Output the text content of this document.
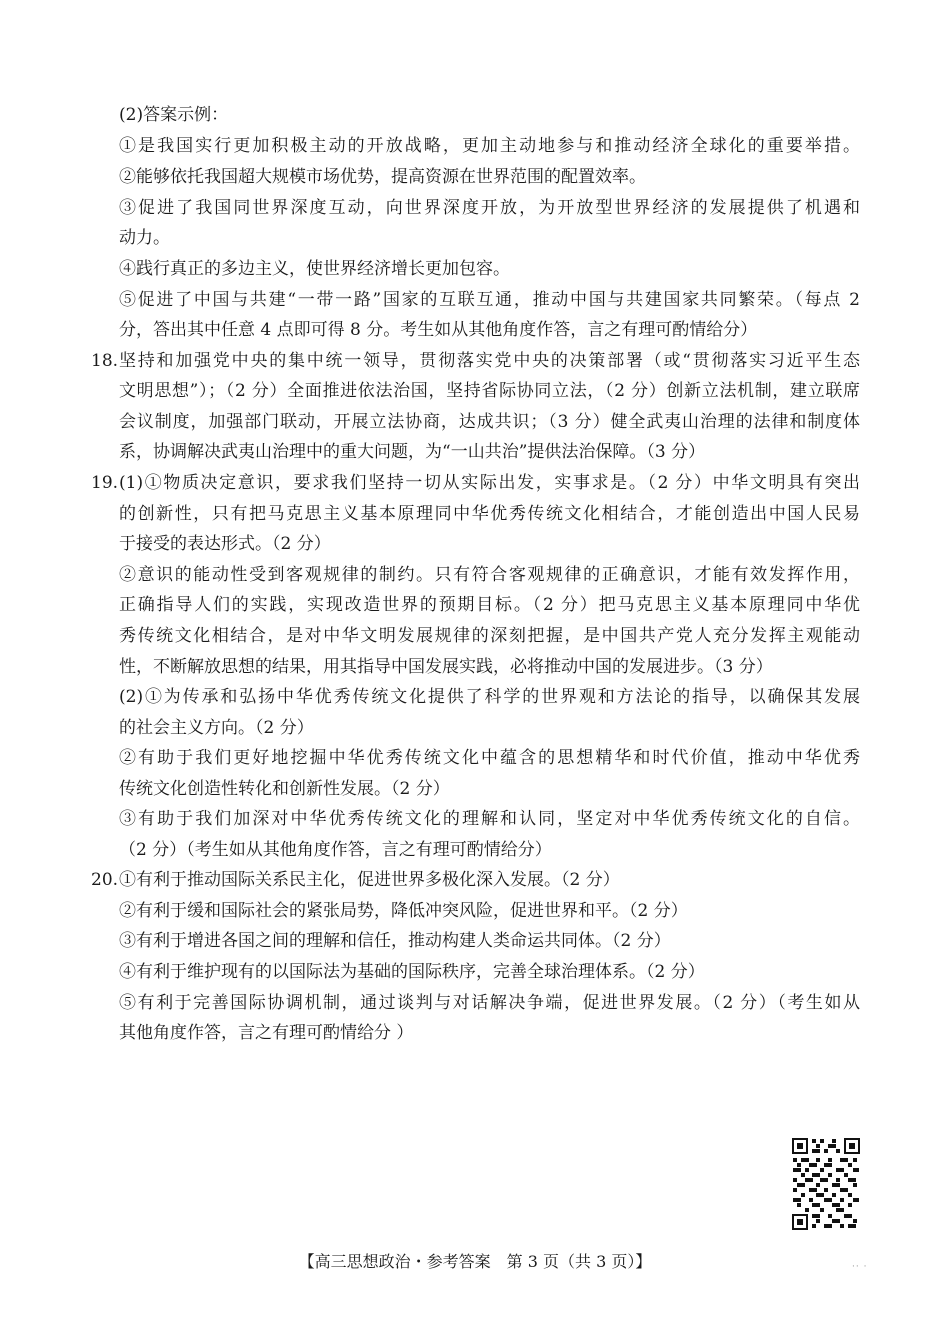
(2)答案示例：
①是我国实行更加积极主动的开放战略，更加主动地参与和推动经济全球化的重要举措。
②能够依托我国超大规模市场优势，提高资源在世界范围的配置效率。
③促进了我国同世界深度互动，向世界深度开放，为开放型世界经济的发展提供了机遇和
动力。
④践行真正的多边主义，使世界经济增长更加包容。
⑤促进了中国与共建“一带一路”国家的互联互通，推动中国与共建国家共同繁荣。（每点 2
分，答出其中任意 4 点即可得 8 分。考生如从其他角度作答，言之有理可酌情给分）
18. 坚持和加强党中央的集中统一领导，贯彻落实党中央的决策部署（或“贯彻落实习近平生态
文明思想”）；（2 分）全面推进依法治国，坚持省际协同立法，（2 分）创新立法机制，建立联席
会议制度，加强部门联动，开展立法协商，达成共识；（3 分）健全武夷山治理的法律和制度体
系，协调解决武夷山治理中的重大问题，为“一山共治”提供法治保障。（3 分）
19. (1)①物质决定意识，要求我们坚持一切从实际出发，实事求是。（2 分）中华文明具有突出
的创新性，只有把马克思主义基本原理同中华优秀传统文化相结合，才能创造出中国人民易
于接受的表达形式。（2 分）
②意识的能动性受到客观规律的制约。只有符合客观规律的正确意识，才能有效发挥作用，
正确指导人们的实践，实现改造世界的预期目标。（2 分）把马克思主义基本原理同中华优
秀传统文化相结合，是对中华文明发展规律的深刻把握，是中国共产党人充分发挥主观能动
性，不断解放思想的结果，用其指导中国发展实践，必将推动中国的发展进步。（3 分）
(2)①为传承和弘扬中华优秀传统文化提供了科学的世界观和方法论的指导，以确保其发展
的社会主义方向。（2 分）
②有助于我们更好地挖掘中华优秀传统文化中蕴含的思想精华和时代价值，推动中华优秀
传统文化创造性转化和创新性发展。（2 分）
③有助于我们加深对中华优秀传统文化的理解和认同，坚定对中华优秀传统文化的自信。
（2 分）（考生如从其他角度作答，言之有理可酌情给分）
20. ①有利于推动国际关系民主化，促进世界多极化深入发展。（2 分）
②有利于缓和国际社会的紧张局势，降低冲突风险，促进世界和平。（2 分）
③有利于增进各国之间的理解和信任，推动构建人类命运共同体。（2 分）
④有利于维护现有的以国际法为基础的国际秩序，完善全球治理体系。（2 分）
⑤有利于完善国际协调机制，通过谈判与对话解决争端，促进世界发展。（2 分）（考生如从
其他角度作答，言之有理可酌情给分 ）
·· ·
【高三思想政治・参考答案　第 3 页（共 3 页）】
